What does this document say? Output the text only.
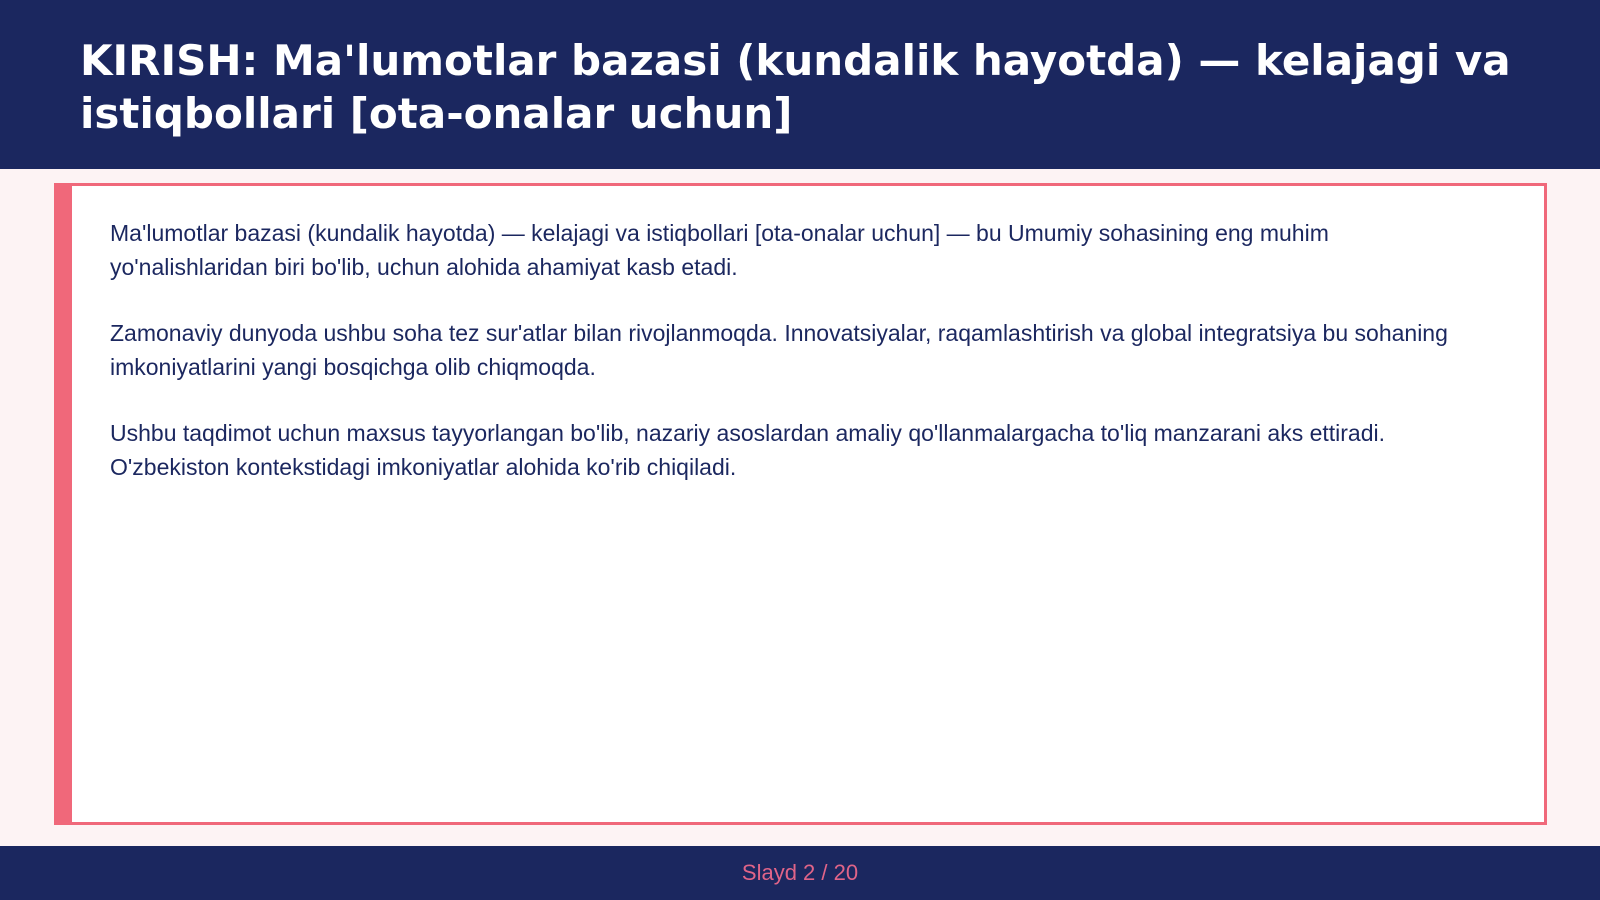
KIRISH: Ma'lumotlar bazasi (kundalik hayotda) — kelajagi va istiqbollari [ota-onalar uchun]

Ma'lumotlar bazasi (kundalik hayotda) — kelajagi va istiqbollari [ota-onalar uchun] — bu Umumiy sohasining eng muhim yo'nalishlaridan biri bo'lib, uchun alohida ahamiyat kasb etadi.

Zamonaviy dunyoda ushbu soha tez sur'atlar bilan rivojlanmoqda. Innovatsiyalar, raqamlashtirish va global integratsiya bu sohaning imkoniyatlarini yangi bosqichga olib chiqmoqda.

Ushbu taqdimot uchun maxsus tayyorlangan bo'lib, nazariy asoslardan amaliy qo'llanmalargacha to'liq manzarani aks ettiradi. O'zbekiston kontekstidagi imkoniyatlar alohida ko'rib chiqiladi.

Slayd 2 / 20
